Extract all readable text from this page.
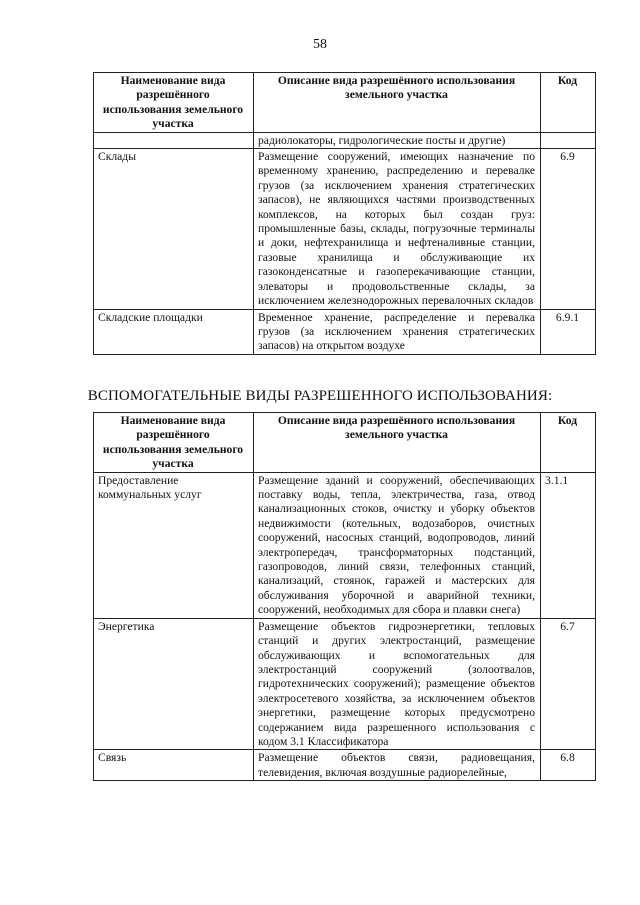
58
Наименование вида разрешённого использования земельного участка	Описание вида разрешённого использования земельного участка	Код
	радиолокаторы, гидрологические посты и другие)	
Склады	Размещение сооружений, имеющих назначение по временному хранению, распределению и перевалке грузов (за исключением хранения стратегических запасов), не являющихся частями производственных комплексов, на которых был создан груз: промышленные базы, склады, погрузочные терминалы и доки, нефтехранилища и нефтеналивные станции, газовые хранилища и обслуживающие их газоконденсатные и газоперекачивающие станции, элеваторы и продовольственные склады, за исключением железнодорожных перевалочных складов	6.9
Складские площадки	Временное хранение, распределение и перевалка грузов (за исключением хранения стратегических запасов) на открытом воздухе	6.9.1
ВСПОМОГАТЕЛЬНЫЕ ВИДЫ РАЗРЕШЕННОГО ИСПОЛЬЗОВАНИЯ:
Наименование вида разрешённого использования земельного участка	Описание вида разрешённого использования земельного участка	Код
Предоставление коммунальных услуг	Размещение зданий и сооружений, обеспечивающих поставку воды, тепла, электричества, газа, отвод канализационных стоков, очистку и уборку объектов недвижимости (котельных, водозаборов, очистных сооружений, насосных станций, водопроводов, линий электропередач, трансформаторных подстанций, газопроводов, линий связи, телефонных станций, канализаций, стоянок, гаражей и мастерских для обслуживания уборочной и аварийной техники, сооружений, необходимых для сбора и плавки снега)	3.1.1
Энергетика	Размещение объектов гидроэнергетики, тепловых станций и других электростанций, размещение обслуживающих и вспомогательных для электростанций сооружений (золоотвалов, гидротехнических сооружений); размещение объектов электросетевого хозяйства, за исключением объектов энергетики, размещение которых предусмотрено содержанием вида разрешенного использования с кодом 3.1 Классификатора	6.7
Связь	Размещение объектов связи, радиовещания, телевидения, включая воздушные радиорелейные,	6.8
